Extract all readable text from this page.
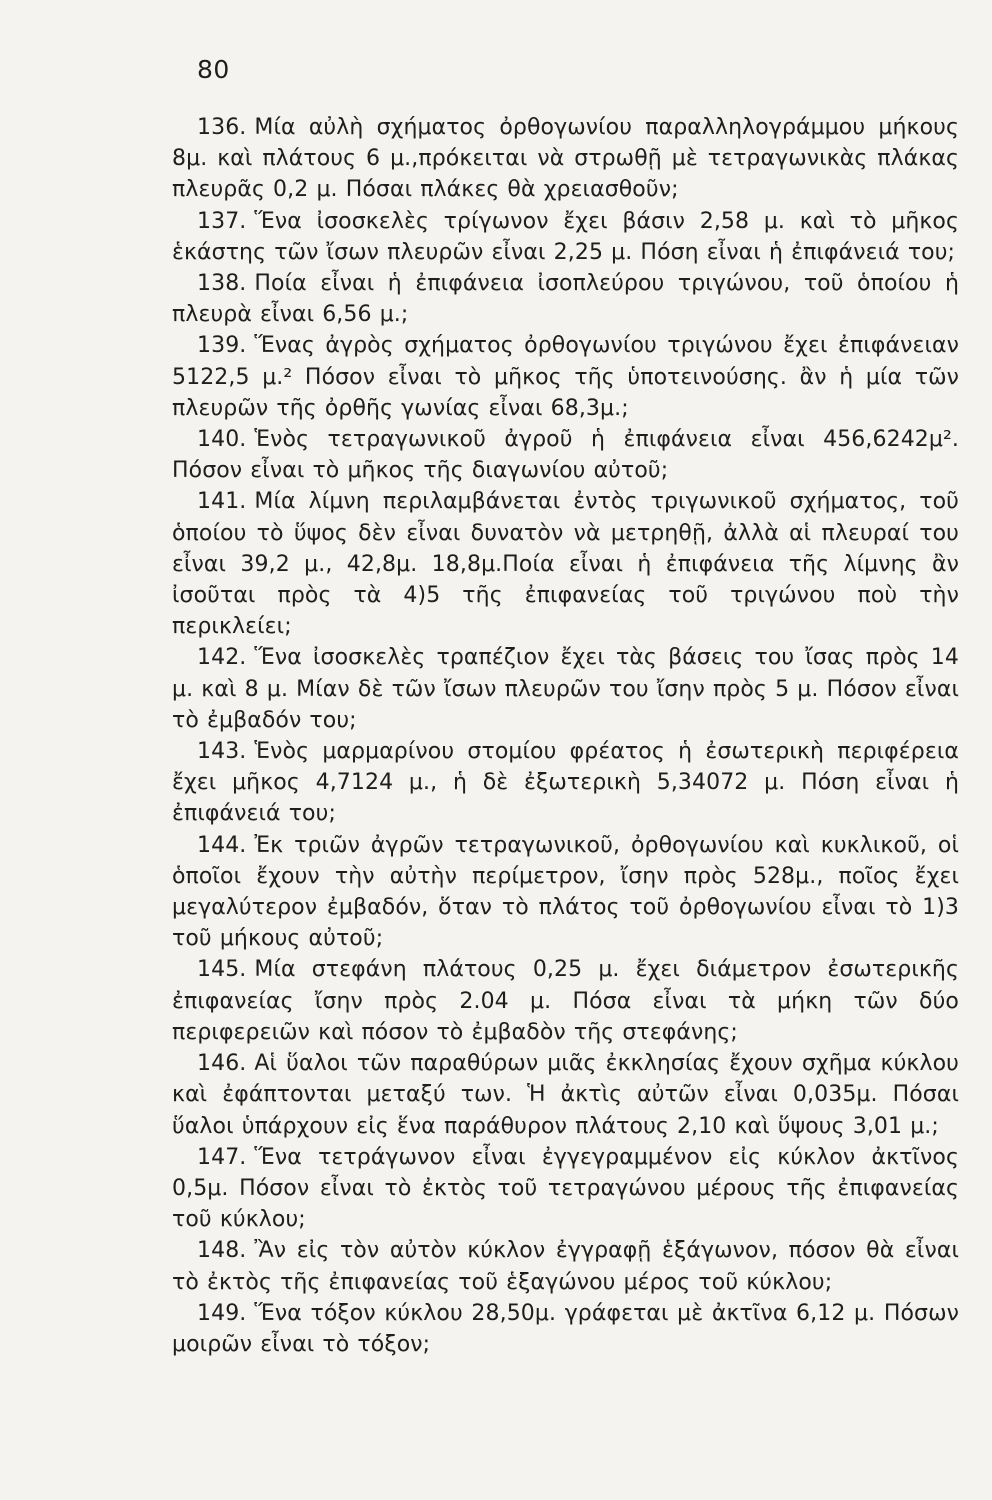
80

136. Μία αὐλὴ σχήματος ὀρθογωνίου παραλληλογράμμου μήκους 8μ. καὶ πλάτους 6 μ.,πρόκειται νὰ στρωθῇ μὲ τετραγωνικὰς πλάκας πλευρᾶς 0,2 μ. Πόσαι πλάκες θὰ χρειασθοῦν;

137. Ἕνα ἰσοσκελὲς τρίγωνον ἔχει βάσιν 2,58 μ. καὶ τὸ μῆκος ἑκάστης τῶν ἴσων πλευρῶν εἶναι 2,25 μ. Πόση εἶναι ἡ ἐπιφάνειά του;

138. Ποία εἶναι ἡ ἐπιφάνεια ἰσοπλεύρου τριγώνου, τοῦ ὁποίου ἡ πλευρὰ εἶναι 6,56 μ.;

139. Ἕνας ἀγρὸς σχήματος ὀρθογωνίου τριγώνου ἔχει ἐπιφάνειαν 5122,5 μ.² Πόσον εἶναι τὸ μῆκος τῆς ὑποτεινούσης. ἂν ἡ μία τῶν πλευρῶν τῆς ὀρθῆς γωνίας εἶναι 68,3μ.;

140. Ἑνὸς τετραγωνικοῦ ἀγροῦ ἡ ἐπιφάνεια εἶναι 456,6242μ². Πόσον εἶναι τὸ μῆκος τῆς διαγωνίου αὐτοῦ;

141. Μία λίμνη περιλαμβάνεται ἐντὸς τριγωνικοῦ σχήματος, τοῦ ὁποίου τὸ ὕψος δὲν εἶναι δυνατὸν νὰ μετρηθῇ, ἀλλὰ αἱ πλευραί του εἶναι 39,2 μ., 42,8μ. 18,8μ.Ποία εἶναι ἡ ἐπιφάνεια τῆς λίμνης ἂν ἰσοῦται πρὸς τὰ 4)5 τῆς ἐπιφανείας τοῦ τριγώνου ποὺ τὴν περικλείει;

142. Ἕνα ἰσοσκελὲς τραπέζιον ἔχει τὰς βάσεις του ἴσας πρὸς 14 μ. καὶ 8 μ. Μίαν δὲ τῶν ἴσων πλευρῶν του ἴσην πρὸς 5 μ. Πόσον εἶναι τὸ ἐμβαδόν του;

143. Ἑνὸς μαρμαρίνου στομίου φρέατος ἡ ἐσωτερικὴ περιφέρεια ἔχει μῆκος 4,7124 μ., ἡ δὲ ἐξωτερικὴ 5,34072 μ. Πόση εἶναι ἡ ἐπιφάνειά του;

144. Ἐκ τριῶν ἀγρῶν τετραγωνικοῦ, ὀρθογωνίου καὶ κυκλικοῦ, οἱ ὁποῖοι ἔχουν τὴν αὐτὴν περίμετρον, ἴσην πρὸς 528μ., ποῖος ἔχει μεγαλύτερον ἐμβαδόν, ὅταν τὸ πλάτος τοῦ ὀρθογωνίου εἶναι τὸ 1)3 τοῦ μήκους αὐτοῦ;

145. Μία στεφάνη πλάτους 0,25 μ. ἔχει διάμετρον ἐσωτερικῆς ἐπιφανείας ἴσην πρὸς 2.04 μ. Πόσα εἶναι τὰ μήκη τῶν δύο περιφερειῶν καὶ πόσον τὸ ἐμβαδὸν τῆς στεφάνης;

146. Αἱ ὕαλοι τῶν παραθύρων μιᾶς ἐκκλησίας ἔχουν σχῆμα κύκλου καὶ ἐφάπτονται μεταξύ των. Ἡ ἀκτὶς αὐτῶν εἶναι 0,035μ. Πόσαι ὕαλοι ὑπάρχουν εἰς ἕνα παράθυρον πλάτους 2,10 καὶ ὕψους 3,01 μ.;

147. Ἕνα τετράγωνον εἶναι ἐγγεγραμμένον εἰς κύκλον ἀκτῖνος 0,5μ. Πόσον εἶναι τὸ ἐκτὸς τοῦ τετραγώνου μέρους τῆς ἐπιφανείας τοῦ κύκλου;

148. Ἂν εἰς τὸν αὐτὸν κύκλον ἐγγραφῇ ἑξάγωνον, πόσον θὰ εἶναι τὸ ἐκτὸς τῆς ἐπιφανείας τοῦ ἑξαγώνου μέρος τοῦ κύκλου;

149. Ἕνα τόξον κύκλου 28,50μ. γράφεται μὲ ἀκτῖνα 6,12 μ. Πόσων μοιρῶν εἶναι τὸ τόξον;
